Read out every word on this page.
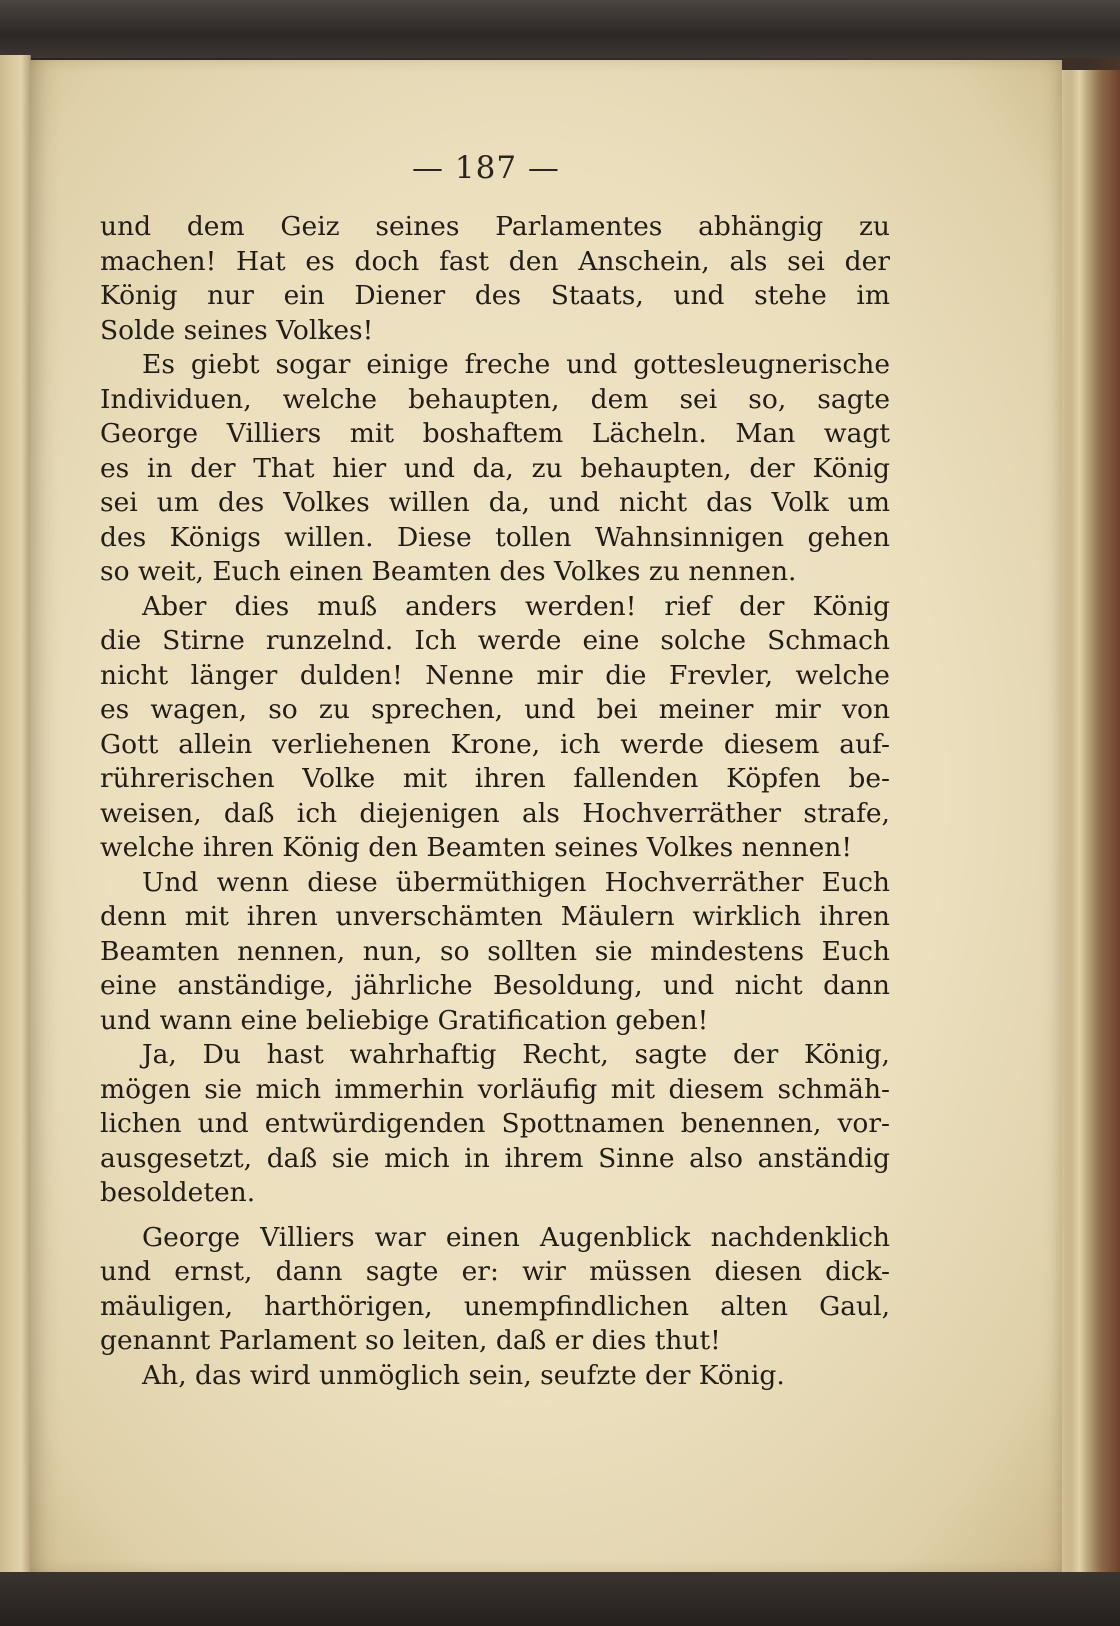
— 187 —
und dem Geiz seines Parlamentes abhängig zu
machen! Hat es doch fast den Anschein, als sei der
König nur ein Diener des Staats, und stehe im
Solde seines Volkes!
Es giebt sogar einige freche und gottesleugnerische
Individuen, welche behaupten, dem sei so, sagte
George Villiers mit boshaftem Lächeln. Man wagt
es in der That hier und da, zu behaupten, der König
sei um des Volkes willen da, und nicht das Volk um
des Königs willen. Diese tollen Wahnsinnigen gehen
so weit, Euch einen Beamten des Volkes zu nennen.
Aber dies muß anders werden! rief der König
die Stirne runzelnd. Ich werde eine solche Schmach
nicht länger dulden! Nenne mir die Frevler, welche
es wagen, so zu sprechen, und bei meiner mir von
Gott allein verliehenen Krone, ich werde diesem auf-
rührerischen Volke mit ihren fallenden Köpfen be-
weisen, daß ich diejenigen als Hochverräther strafe,
welche ihren König den Beamten seines Volkes nennen!
Und wenn diese übermüthigen Hochverräther Euch
denn mit ihren unverschämten Mäulern wirklich ihren
Beamten nennen, nun, so sollten sie mindestens Euch
eine anständige, jährliche Besoldung, und nicht dann
und wann eine beliebige Gratification geben!
Ja, Du hast wahrhaftig Recht, sagte der König,
mögen sie mich immerhin vorläufig mit diesem schmäh-
lichen und entwürdigenden Spottnamen benennen, vor-
ausgesetzt, daß sie mich in ihrem Sinne also anständig
besoldeten.
George Villiers war einen Augenblick nachdenklich
und ernst, dann sagte er: wir müssen diesen dick-
mäuligen, harthörigen, unempfindlichen alten Gaul,
genannt Parlament so leiten, daß er dies thut!
Ah, das wird unmöglich sein, seufzte der König.
